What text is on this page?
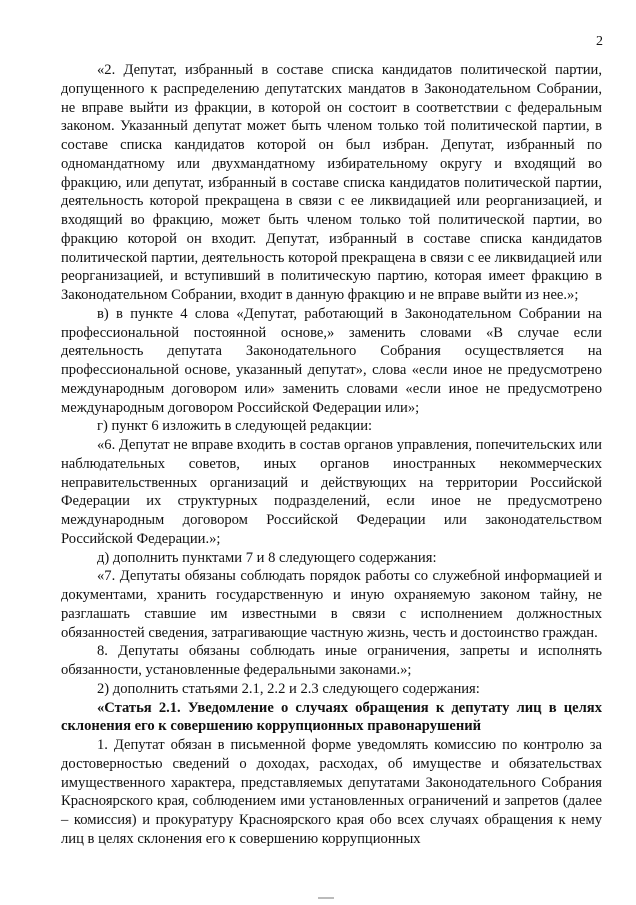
2

«2. Депутат, избранный в составе списка кандидатов политической партии, допущенного к распределению депутатских мандатов в Законодательном Собрании, не вправе выйти из фракции, в которой он состоит в соответствии с федеральным законом. Указанный депутат может быть членом только той политической партии, в составе списка кандидатов которой он был избран. Депутат, избранный по одномандатному или двухмандатному избирательному округу и входящий во фракцию, или депутат, избранный в составе списка кандидатов политической партии, деятельность которой прекращена в связи с ее ликвидацией или реорганизацией, и входящий во фракцию, может быть членом только той политической партии, во фракцию которой он входит. Депутат, избранный в составе списка кандидатов политической партии, деятельность которой прекращена в связи с ее ликвидацией или реорганизацией, и вступивший в политическую партию, которая имеет фракцию в Законодательном Собрании, входит в данную фракцию и не вправе выйти из нее.»;

в) в пункте 4 слова «Депутат, работающий в Законодательном Собрании на профессиональной постоянной основе,» заменить словами «В случае если деятельность депутата Законодательного Собрания осуществляется на профессиональной основе, указанный депутат», слова «если иное не предусмотрено международным договором или» заменить словами «если иное не предусмотрено международным договором Российской Федерации или»;

г) пункт 6 изложить в следующей редакции:

«6. Депутат не вправе входить в состав органов управления, попечительских или наблюдательных советов, иных органов иностранных некоммерческих неправительственных организаций и действующих на территории Российской Федерации их структурных подразделений, если иное не предусмотрено международным договором Российской Федерации или законодательством Российской Федерации.»;

д) дополнить пунктами 7 и 8 следующего содержания:

«7. Депутаты обязаны соблюдать порядок работы со служебной информацией и документами, хранить государственную и иную охраняемую законом тайну, не разглашать ставшие им известными в связи с исполнением должностных обязанностей сведения, затрагивающие частную жизнь, честь и достоинство граждан.

8. Депутаты обязаны соблюдать иные ограничения, запреты и исполнять обязанности, установленные федеральными законами.»;

2) дополнить статьями 2.1, 2.2 и 2.3 следующего содержания:

«Статья 2.1. Уведомление о случаях обращения к депутату лиц в целях склонения его к совершению коррупционных правонарушений

1. Депутат обязан в письменной форме уведомлять комиссию по контролю за достоверностью сведений о доходах, расходах, об имуществе и обязательствах имущественного характера, представляемых депутатами Законодательного Собрания Красноярского края, соблюдением ими установленных ограничений и запретов (далее – комиссия) и прокуратуру Красноярского края обо всех случаях обращения к нему лиц в целях склонения его к совершению коррупционных
